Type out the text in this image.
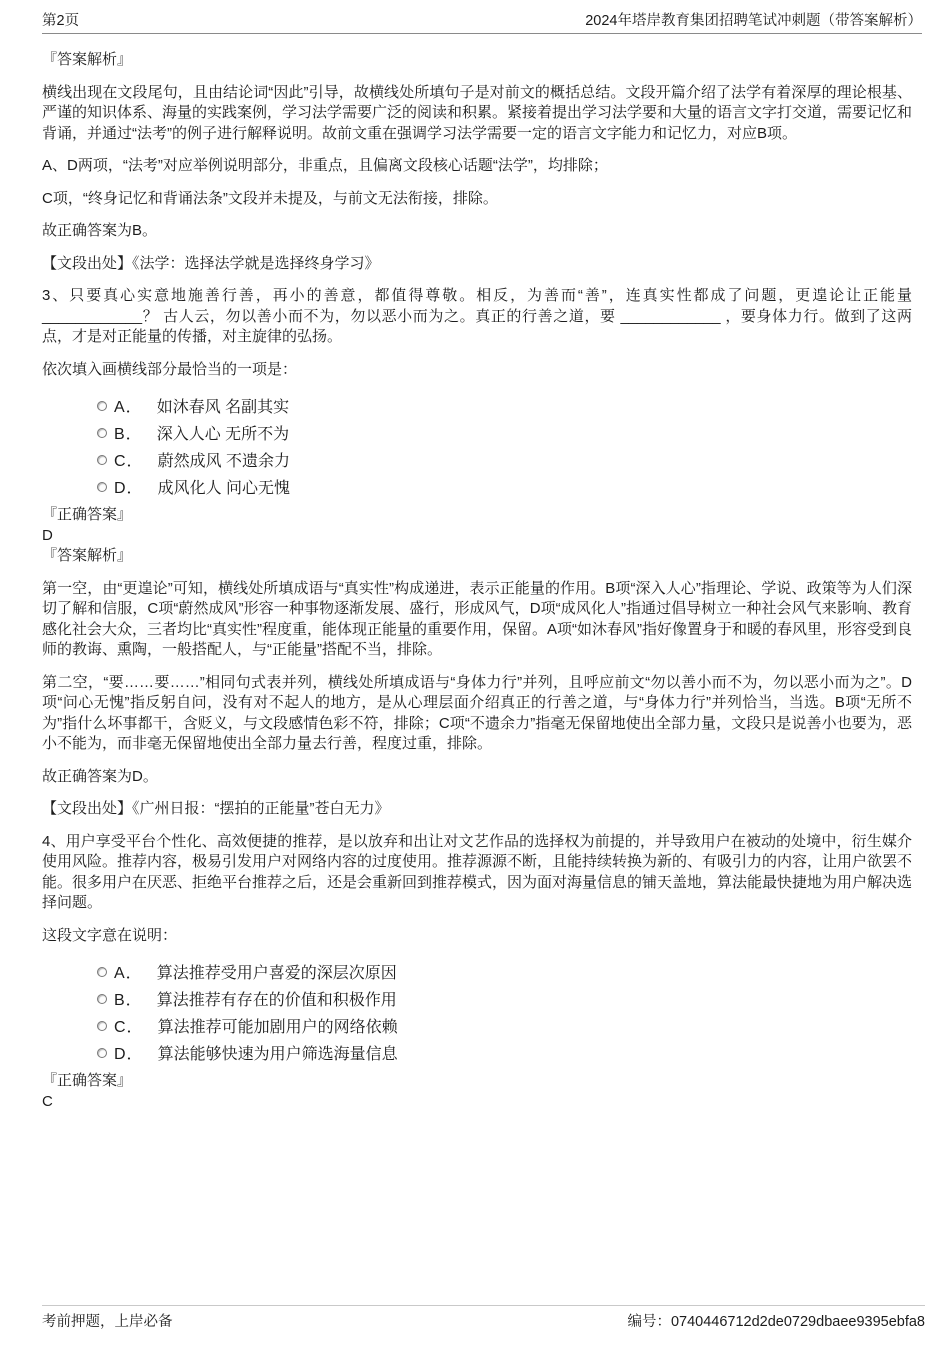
第2页	2024年塔岸教育集团招聘笔试冲刺题（带答案解析）

『答案解析』

横线出现在文段尾句，且由结论词“因此”引导，故横线处所填句子是对前文的概括总结。文段开篇介绍了法学有着深厚的理论根基、严谨的知识体系、海量的实践案例，学习法学需要广泛的阅读和积累。紧接着提出学习法学要和大量的语言文字打交道，需要记忆和背诵，并通过“法考”的例子进行解释说明。故前文重在强调学习法学需要一定的语言文字能力和记忆力，对应B项。

A、D两项，“法考”对应举例说明部分，非重点，且偏离文段核心话题“法学”，均排除；

C项，“终身记忆和背诵法条”文段并未提及，与前文无法衔接，排除。

故正确答案为B。

【文段出处】《法学：选择法学就是选择终身学习》

3、只要真心实意地施善行善，再小的善意，都值得尊敬。相反，为善而“善”，连真实性都成了问题，更遑论让正能量 ____________？ 古人云，勿以善小而不为，勿以恶小而为之。真正的行善之道，要 ____________ ，要身体力行。做到了这两点，才是对正能量的传播，对主旋律的弘扬。

依次填入画横线部分最恰当的一项是：

A． 如沐春风 名副其实
B． 深入人心 无所不为
C． 蔚然成风 不遗余力
D． 成风化人 问心无愧

『正确答案』

D

『答案解析』

第一空，由“更遑论”可知，横线处所填成语与“真实性”构成递进，表示正能量的作用。B项“深入人心”指理论、学说、政策等为人们深切了解和信服，C项“蔚然成风”形容一种事物逐渐发展、盛行，形成风气，D项“成风化人”指通过倡导树立一种社会风气来影响、教育感化社会大众，三者均比“真实性”程度重，能体现正能量的重要作用，保留。A项“如沐春风”指好像置身于和暖的春风里，形容受到良师的教诲、熏陶，一般搭配人，与“正能量”搭配不当，排除。

第二空，“要……要……”相同句式表并列，横线处所填成语与“身体力行”并列，且呼应前文“勿以善小而不为，勿以恶小而为之”。D项“问心无愧”指反躬自问，没有对不起人的地方，是从心理层面介绍真正的行善之道，与“身体力行”并列恰当，当选。B项“无所不为”指什么坏事都干，含贬义，与文段感情色彩不符，排除；C项“不遗余力”指毫无保留地使出全部力量，文段只是说善小也要为，恶小不能为，而非毫无保留地使出全部力量去行善，程度过重，排除。

故正确答案为D。

【文段出处】《广州日报：“摆拍的正能量”苍白无力》

4、用户享受平台个性化、高效便捷的推荐，是以放弃和出让对文艺作品的选择权为前提的，并导致用户在被动的处境中，衍生媒介使用风险。推荐内容，极易引发用户对网络内容的过度使用。推荐源源不断，且能持续转换为新的、有吸引力的内容，让用户欲罢不能。很多用户在厌恶、拒绝平台推荐之后，还是会重新回到推荐模式，因为面对海量信息的铺天盖地，算法能最快捷地为用户解决选择问题。

这段文字意在说明：

A． 算法推荐受用户喜爱的深层次原因
B． 算法推荐有存在的价值和积极作用
C． 算法推荐可能加剧用户的网络依赖
D． 算法能够快速为用户筛选海量信息

『正确答案』

C

考前押题，上岸必备	编号：0740446712d2de0729dbaee9395ebfa8
